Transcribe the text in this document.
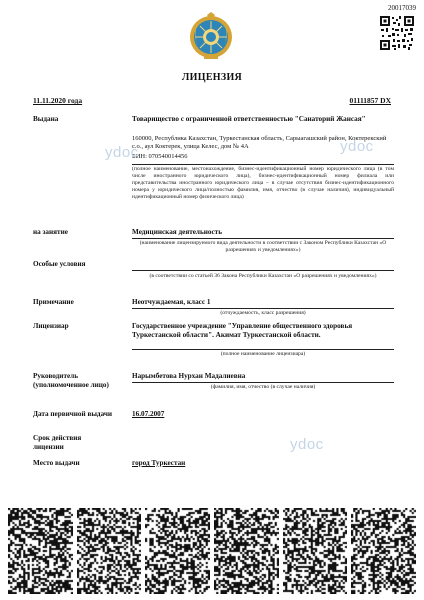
20017039
ЛИЦЕНЗИЯ
11.11.2020 года	01111857 DX
Выдана	Товарищество с ограниченной ответственностью "Санаторий Жансая"
160000, Республика Казахстан, Туркестанская область, Сарыагашский район, Коктерекский с.о., аул Коктерек, улица Келес, дом № 4А
БИН: 070540014456
(полное наименование, местонахождение, бизнес-идентификационный номер юридического лица (в том числе иностранного юридического лица), бизнес-идентификационный номер филиала или представительства иностранного юридического лица – в случае отсутствия бизнес-идентификационного номера у юридического лица/полностью фамилия, имя, отчество (в случае наличия), индивидуальный идентификационный номер физического лица)
ydoc	ydoc
ydoc
на занятие	Медицинская деятельность
(наименование лицензируемого вида деятельности в соответствии с Законом Республики Казахстан «О разрешениях и уведомлениях»)
Особые условия
(в соответствии со статьей 36 Закона Республики Казахстан «О разрешениях и уведомлениях»)
Примечание	Неотчуждаемая, класс 1
(отчуждаемость, класс разрешения)
Лицензиар	Государственное учреждение "Управление общественного здоровья Туркестанской области". Акимат Туркестанской области.
(полное наименование лицензиара)
Руководитель
(уполномоченное лицо)
Нарымбетова Нурхан Мадалиевна
(фамилия, имя, отчество (в случае наличия)
Дата первичной выдачи	16.07.2007
Срок действия
лицензии
Место выдачи	город Туркестан
